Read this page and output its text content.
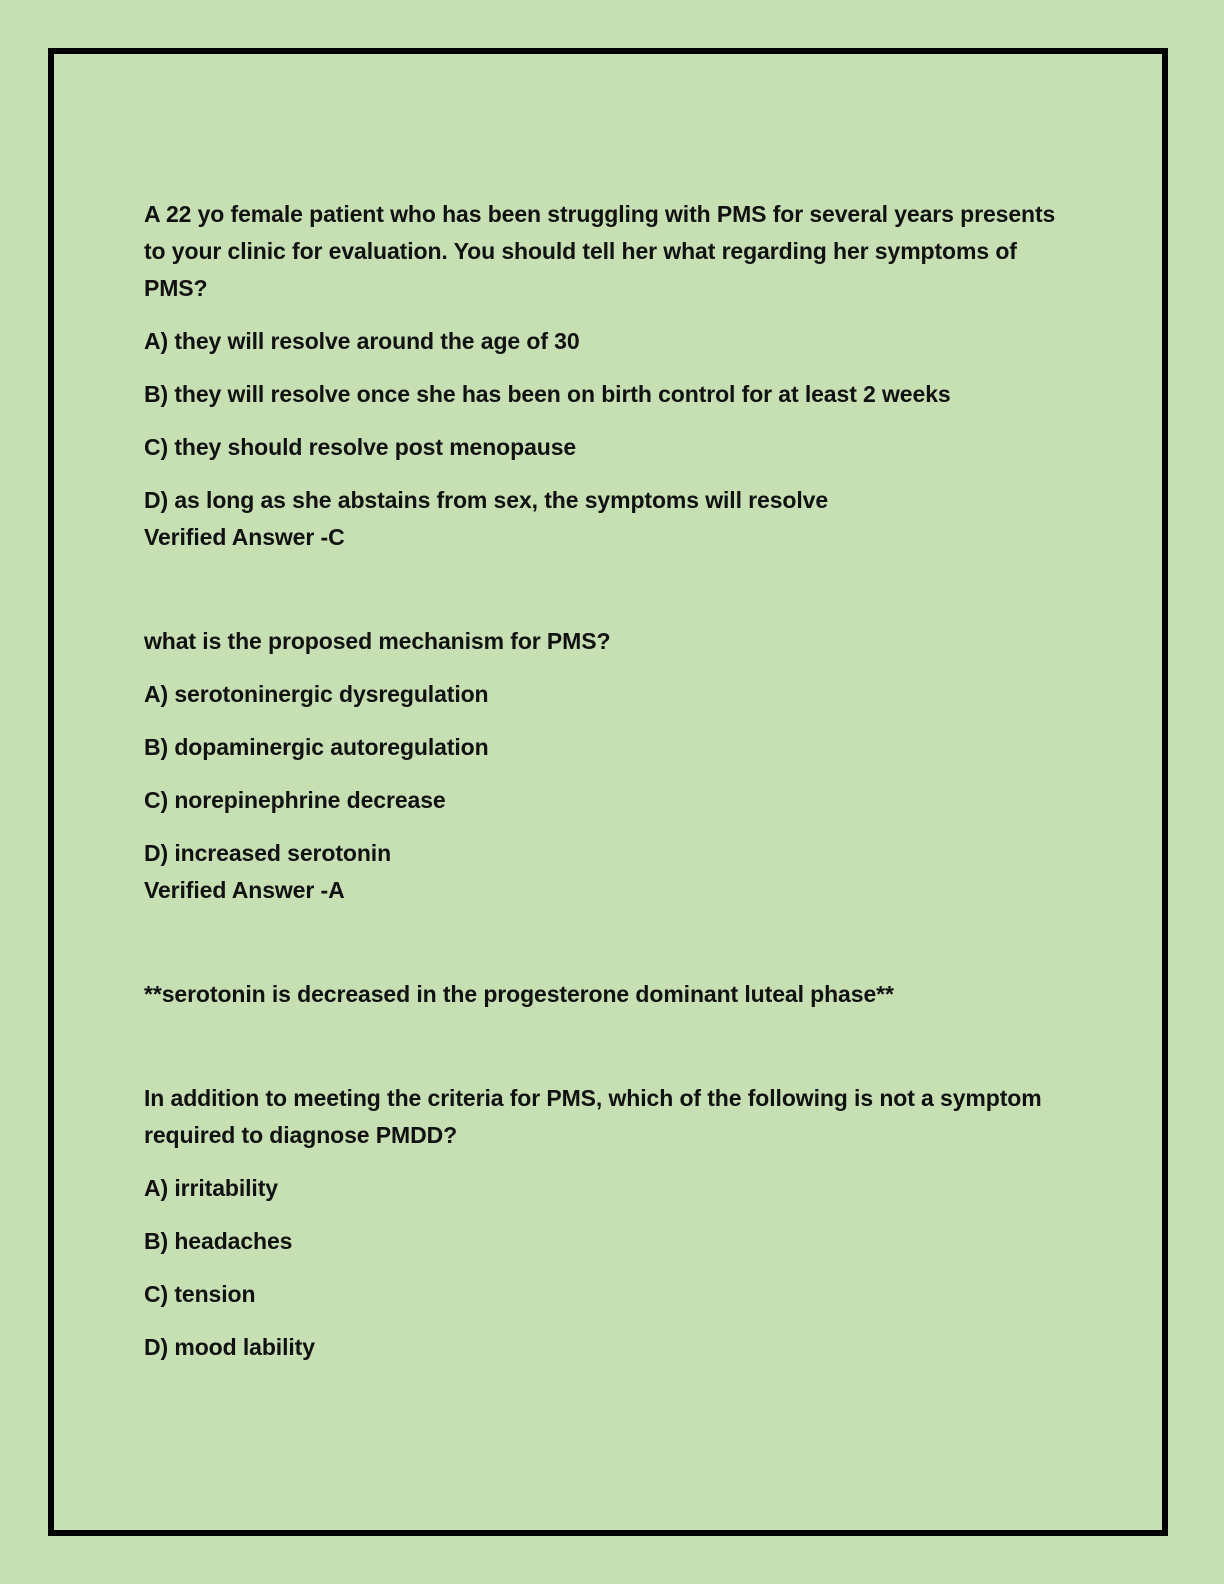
A 22 yo female patient who has been struggling with PMS for several years presents to your clinic for evaluation. You should tell her what regarding her symptoms of PMS?

A) they will resolve around the age of 30

B) they will resolve once she has been on birth control for at least 2 weeks

C) they should resolve post menopause

D) as long as she abstains from sex, the symptoms will resolve

Verified Answer -C

what is the proposed mechanism for PMS?

A) serotoninergic dysregulation

B) dopaminergic autoregulation

C) norepinephrine decrease

D) increased serotonin

Verified Answer -A

**serotonin is decreased in the progesterone dominant luteal phase**

In addition to meeting the criteria for PMS, which of the following is not a symptom required to diagnose PMDD?

A) irritability

B) headaches

C) tension

D) mood lability
